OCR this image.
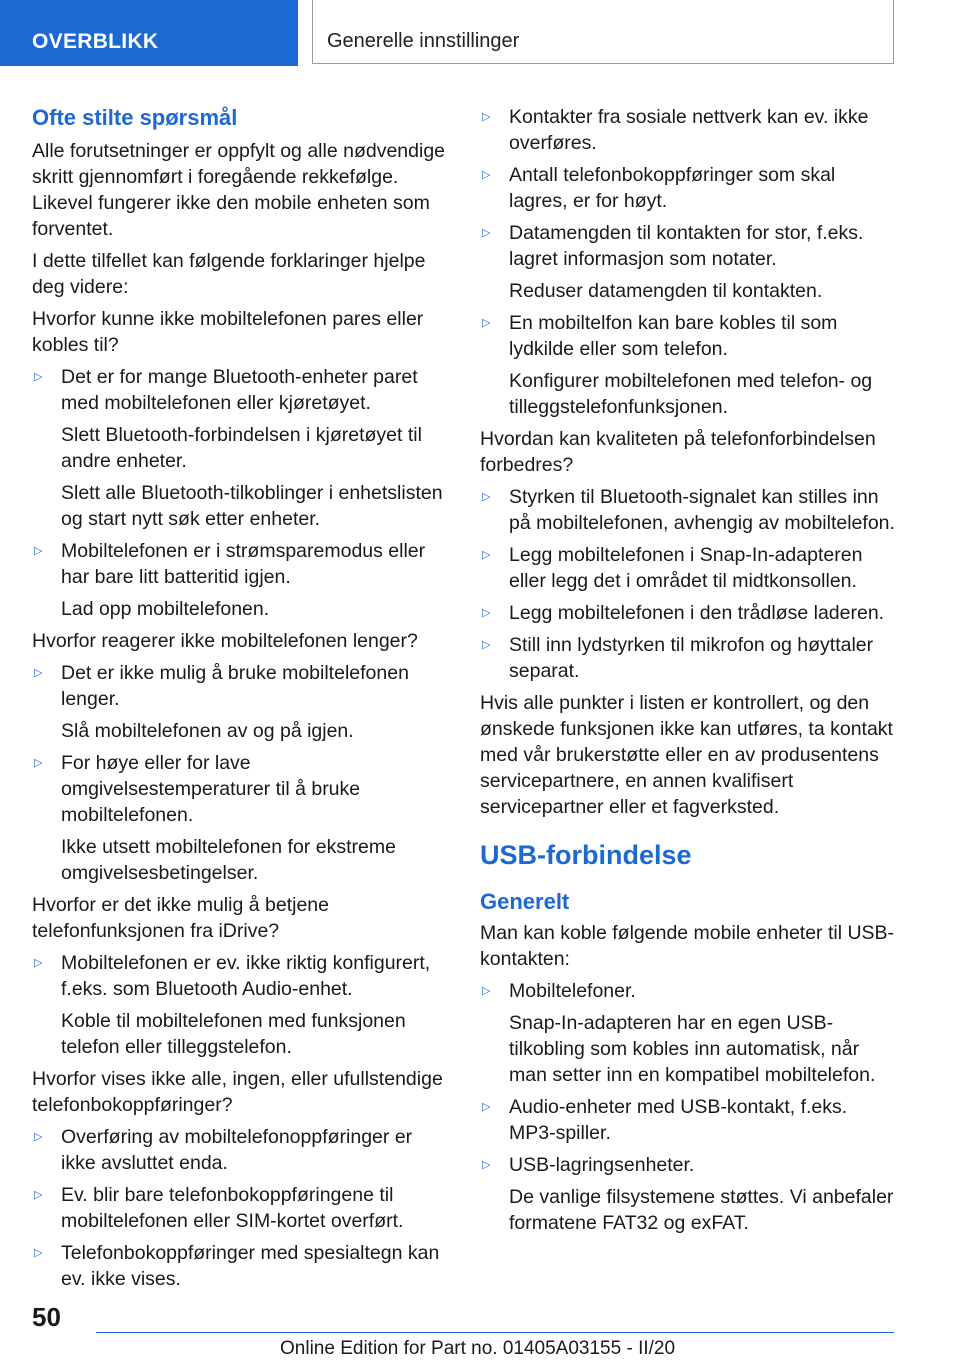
OVERBLIKK	Generelle innstillinger
Ofte stilte spørsmål

Alle forutsetninger er oppfylt og alle nødvendige skritt gjennomført i foregående rekkefølge. Likevel fungerer ikke den mobile enheten som forventet.

I dette tilfellet kan følgende forklaringer hjelpe deg videre:

Hvorfor kunne ikke mobiltelefonen pares eller kobles til?

▷ Det er for mange Bluetooth-enheter paret med mobiltelefonen eller kjøretøyet.
Slett Bluetooth-forbindelsen i kjøretøyet til andre enheter.
Slett alle Bluetooth-tilkoblinger i enhetslisten og start nytt søk etter enheter.
▷ Mobiltelefonen er i strømsparemodus eller har bare litt batteritid igjen.
Lad opp mobiltelefonen.

Hvorfor reagerer ikke mobiltelefonen lenger?

▷ Det er ikke mulig å bruke mobiltelefonen lenger.
Slå mobiltelefonen av og på igjen.
▷ For høye eller for lave omgivelsestemperaturer til å bruke mobiltelefonen.
Ikke utsett mobiltelefonen for ekstreme omgivelsesbetingelser.

Hvorfor er det ikke mulig å betjene telefonfunksjonen fra iDrive?

▷ Mobiltelefonen er ev. ikke riktig konfigurert, f.eks. som Bluetooth Audio-enhet.
Koble til mobiltelefonen med funksjonen telefon eller tilleggstelefon.

Hvorfor vises ikke alle, ingen, eller ufullstendige telefonbokoppføringer?

▷ Overføring av mobiltelefonoppføringer er ikke avsluttet enda.
▷ Ev. blir bare telefonbokoppføringene til mobiltelefonen eller SIM-kortet overført.
▷ Telefonbokoppføringer med spesialtegn kan ev. ikke vises.
▷ Kontakter fra sosiale nettverk kan ev. ikke overføres.
▷ Antall telefonbokoppføringer som skal lagres, er for høyt.
▷ Datamengden til kontakten for stor, f.eks. lagret informasjon som notater.
Reduser datamengden til kontakten.
▷ En mobiltelfon kan bare kobles til som lydkilde eller som telefon.
Konfigurer mobiltelefonen med telefon- og tilleggstelefonfunksjonen.

Hvordan kan kvaliteten på telefonforbindelsen forbedres?

▷ Styrken til Bluetooth-signalet kan stilles inn på mobiltelefonen, avhengig av mobiltelefon.
▷ Legg mobiltelefonen i Snap-In-adapteren eller legg det i området til midtkonsollen.
▷ Legg mobiltelefonen i den trådløse laderen.
▷ Still inn lydstyrken til mikrofon og høyttaler separat.

Hvis alle punkter i listen er kontrollert, og den ønskede funksjonen ikke kan utføres, ta kontakt med vår brukerstøtte eller en av produsentens servicepartnere, en annen kvalifisert servicepartner eller et fagverksted.

USB-forbindelse
Generelt

Man kan koble følgende mobile enheter til USB-kontakten:

▷ Mobiltelefoner.
Snap-In-adapteren har en egen USB-tilkobling som kobles inn automatisk, når man setter inn en kompatibel mobiltelefon.
▷ Audio-enheter med USB-kontakt, f.eks. MP3-spiller.
▷ USB-lagringsenheter.
De vanlige filsystemene støttes. Vi anbefaler formatene FAT32 og exFAT.
50
Online Edition for Part no. 01405A03155 - II/20
